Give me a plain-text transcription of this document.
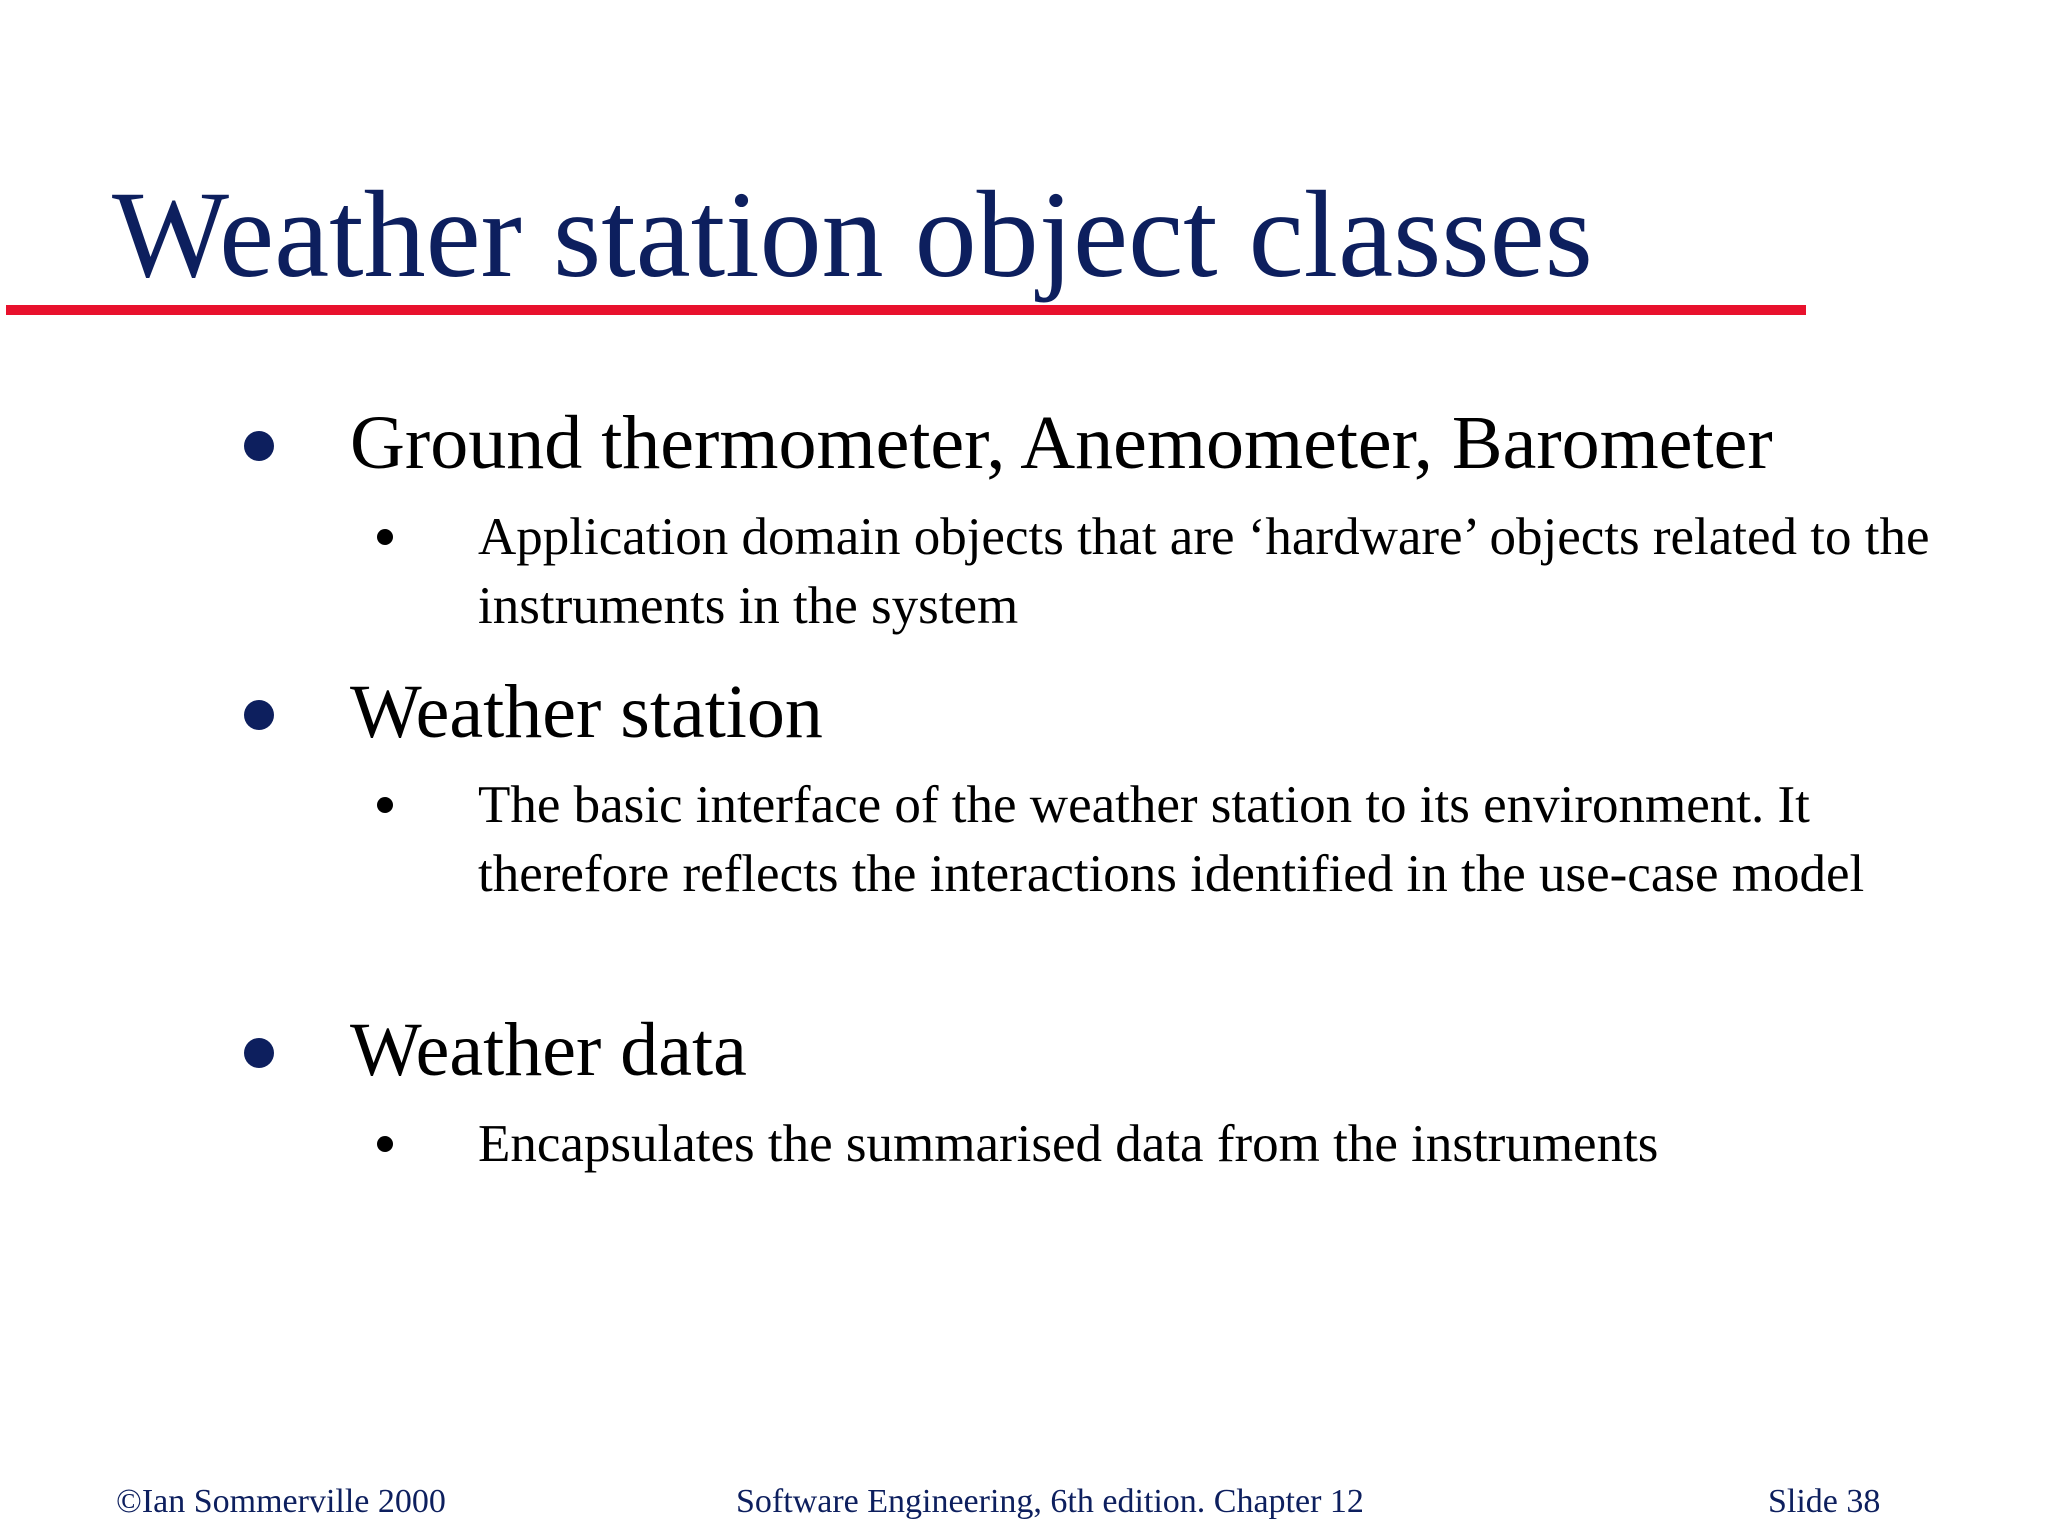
Weather station object classes
Ground thermometer, Anemometer, Barometer
Application domain objects that are ‘hardware’ objects related to the instruments in the system
Weather station
The basic interface of the weather station to its environment. It therefore reflects the interactions identified in the use-case model
Weather data
Encapsulates the summarised data from the instruments
©Ian Sommerville 2000	Software Engineering, 6th edition. Chapter 12	Slide 38
